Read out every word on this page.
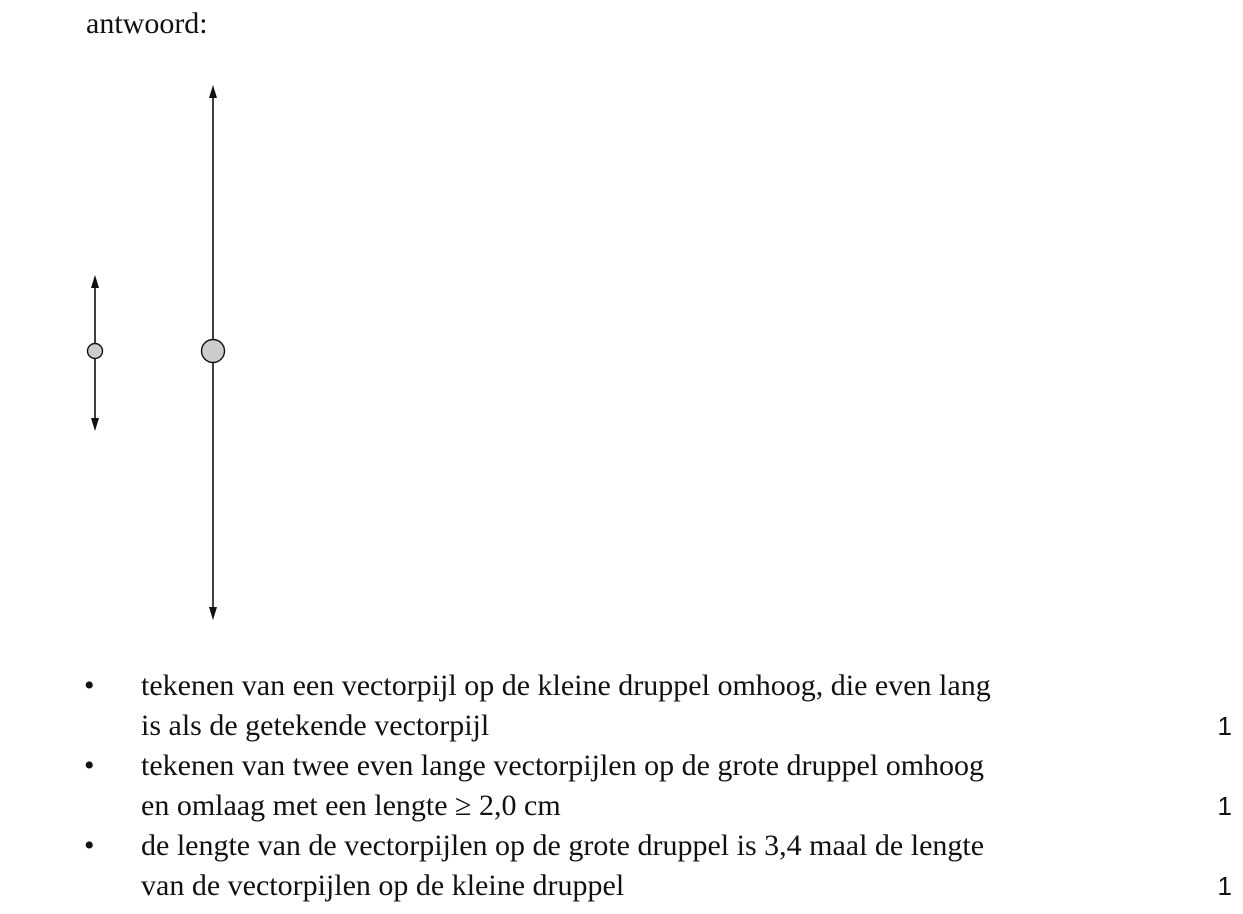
antwoord:
• tekenen van een vectorpijl op de kleine druppel omhoog, die even lang
is als de getekende vectorpijl	1
• tekenen van twee even lange vectorpijlen op de grote druppel omhoog
en omlaag met een lengte ≥ 2,0 cm	1
• de lengte van de vectorpijlen op de grote druppel is 3,4 maal de lengte
van de vectorpijlen op de kleine druppel	1
